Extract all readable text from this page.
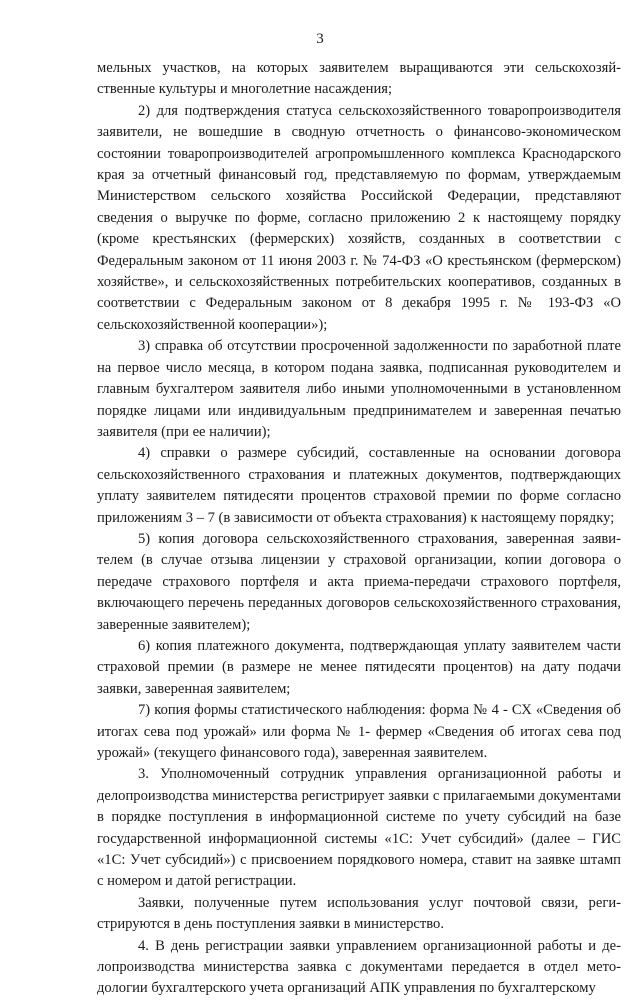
3

мельных участков, на которых заявителем выращиваются эти сельскохозяйственные культуры и многолетние насаждения;

2) для подтверждения статуса сельскохозяйственного товаропроизводителя заявители, не вошедшие в сводную отчетность о финансово-экономическом состоянии товаропроизводителей агропромышленного комплекса Краснодарского края за отчетный финансовый год, представляемую по формам, утверждаемым Министерством сельского хозяйства Российской Федерации, представляют сведения о выручке по форме, согласно приложению 2 к настоящему порядку (кроме крестьянских (фермерских) хозяйств, созданных в соответствии с Федеральным законом от 11 июня 2003 г. № 74-ФЗ «О крестьянском (фермерском) хозяйстве», и сельскохозяйственных потребительских кооперативов, созданных в соответствии с Федеральным законом от 8 декабря 1995 г. № 193-ФЗ «О сельскохозяйственной кооперации»);

3) справка об отсутствии просроченной задолженности по заработной плате на первое число месяца, в котором подана заявка, подписанная руководителем и главным бухгалтером заявителя либо иными уполномоченными в установленном порядке лицами или индивидуальным предпринимателем и заверенная печатью заявителя (при ее наличии);

4) справки о размере субсидий, составленные на основании договора сельскохозяйственного страхования и платежных документов, подтверждающих уплату заявителем пятидесяти процентов страховой премии по форме согласно приложениям 3 – 7 (в зависимости от объекта страхования) к настоящему порядку;

5) копия договора сельскохозяйственного страхования, заверенная заявителем (в случае отзыва лицензии у страховой организации, копии договора о передаче страхового портфеля и акта приема-передачи страхового портфеля, включающего перечень переданных договоров сельскохозяйственного страхования, заверенные заявителем);

6) копия платежного документа, подтверждающая уплату заявителем части страховой премии (в размере не менее пятидесяти процентов) на дату подачи заявки, заверенная заявителем;

7) копия формы статистического наблюдения: форма № 4 - СХ «Сведения об итогах сева под урожай» или форма № 1- фермер «Сведения об итогах сева под урожай» (текущего финансового года), заверенная заявителем.

3. Уполномоченный сотрудник управления организационной работы и делопроизводства министерства регистрирует заявки с прилагаемыми документами в порядке поступления в информационной системе по учету субсидий на базе государственной информационной системы «1С: Учет субсидий» (далее – ГИС «1С: Учет субсидий») с присвоением порядкового номера, ставит на заявке штамп с номером и датой регистрации.

Заявки, полученные путем использования услуг почтовой связи, регистрируются в день поступления заявки в министерство.

4. В день регистрации заявки управлением организационной работы и делопроизводства министерства заявка с документами передается в отдел методологии бухгалтерского учета организаций АПК управления по бухгалтерскому
